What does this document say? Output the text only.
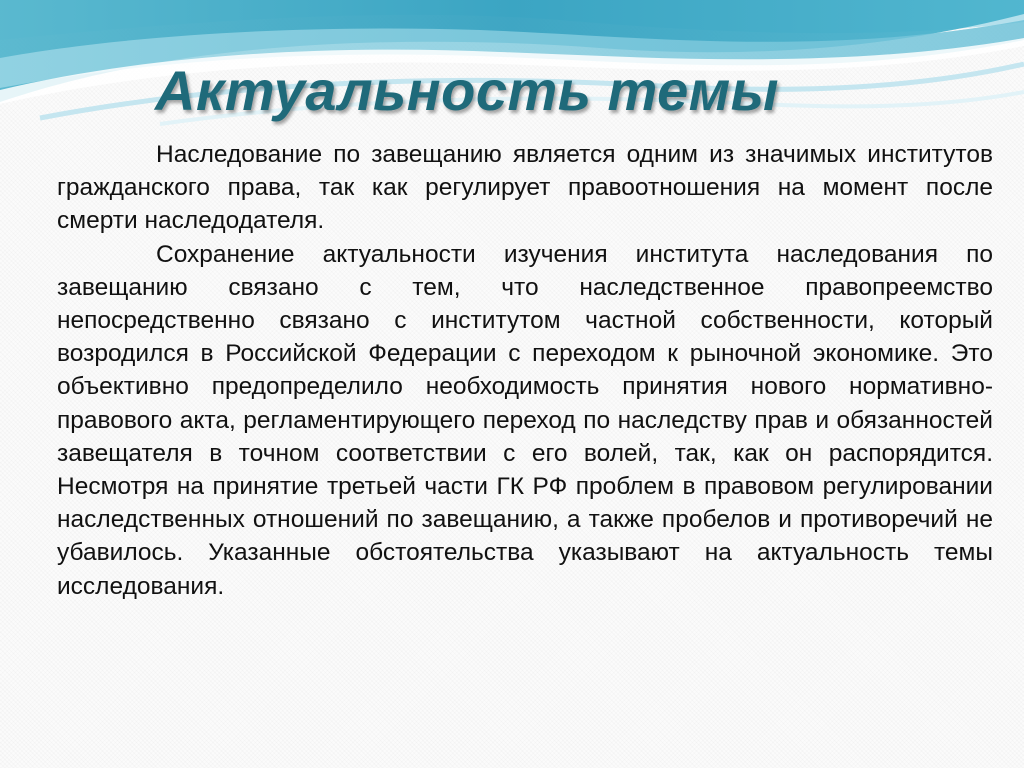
Актуальность темы

Наследование по завещанию является одним из значимых институтов гражданского права, так как регулирует правоотношения на момент после смерти наследодателя.

Сохранение актуальности изучения института наследования по завещанию связано с тем, что наследственное правопреемство непосредственно связано с институтом частной собственности, который возродился в Российской Федерации с переходом к рыночной экономике. Это объективно предопределило необходимость принятия нового нормативно-правового акта, регламентирующего переход по наследству прав и обязанностей завещателя в точном соответствии с его волей, так, как он распорядится. Несмотря на принятие третьей части ГК РФ проблем в правовом регулировании наследственных отношений по завещанию, а также пробелов и противоречий не убавилось. Указанные обстоятельства указывают на актуальность темы исследования.
